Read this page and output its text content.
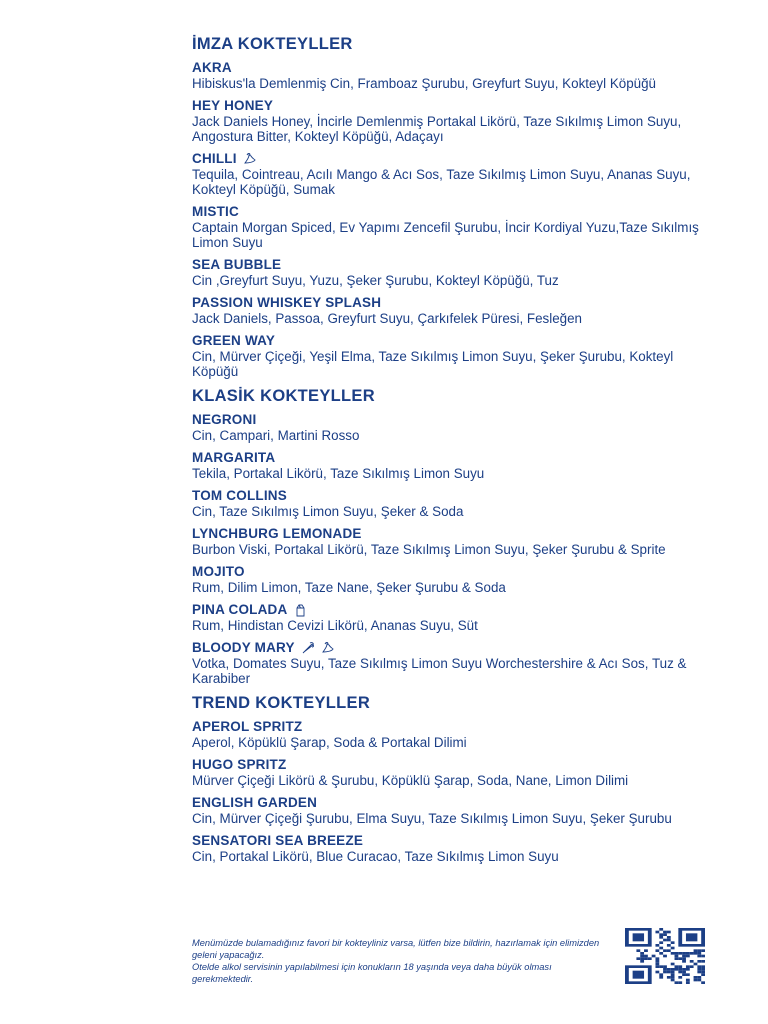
İMZA KOKTEYLLER
AKRA
Hibiskus'la Demlenmiş Cin, Framboaz Şurubu, Greyfurt Suyu, Kokteyl Köpüğü
HEY HONEY
Jack Daniels Honey, İncirle Demlenmiş Portakal Likörü, Taze Sıkılmış Limon Suyu, Angostura Bitter, Kokteyl Köpüğü, Adaçayı
CHILLI
Tequila, Cointreau, Acılı Mango & Acı Sos, Taze Sıkılmış Limon Suyu, Ananas Suyu, Kokteyl Köpüğü, Sumak
MISTIC
Captain Morgan Spiced, Ev Yapımı Zencefil Şurubu, İncir Kordiyal Yuzu,Taze Sıkılmış Limon Suyu
SEA BUBBLE
Cin ,Greyfurt Suyu, Yuzu, Şeker Şurubu, Kokteyl Köpüğü, Tuz
PASSION WHISKEY SPLASH
Jack Daniels, Passoa, Greyfurt Suyu, Çarkıfelek Püresi, Fesleğen
GREEN WAY
Cin, Mürver Çiçeği, Yeşil Elma, Taze Sıkılmış Limon Suyu, Şeker Şurubu, Kokteyl Köpüğü
KLASİK KOKTEYLLER
NEGRONI
Cin, Campari, Martini Rosso
MARGARITA
Tekila, Portakal Likörü, Taze Sıkılmış Limon Suyu
TOM COLLINS
Cin, Taze Sıkılmış Limon Suyu, Şeker & Soda
LYNCHBURG LEMONADE
Burbon Viski, Portakal Likörü, Taze Sıkılmış Limon Suyu, Şeker Şurubu & Sprite
MOJITO
Rum, Dilim Limon, Taze Nane, Şeker Şurubu & Soda
PINA COLADA
Rum, Hindistan Cevizi Likörü, Ananas Suyu, Süt
BLOODY MARY
Votka, Domates Suyu, Taze Sıkılmış Limon Suyu Worchestershire & Acı Sos, Tuz & Karabiber
TREND KOKTEYLLER
APEROL SPRITZ
Aperol, Köpüklü Şarap, Soda & Portakal Dilimi
HUGO SPRITZ
Mürver Çiçeği Likörü & Şurubu, Köpüklü Şarap, Soda, Nane, Limon Dilimi
ENGLISH GARDEN
Cin, Mürver Çiçeği Şurubu, Elma Suyu, Taze Sıkılmış Limon Suyu, Şeker Şurubu
SENSATORI SEA BREEZE
Cin, Portakal Likörü, Blue Curacao, Taze Sıkılmış Limon Suyu
Menümüzde bulamadığınız favori bir kokteyliniz varsa, lütfen bize bildirin, hazırlamak için elimizden geleni yapacağız.
Otelde alkol servisinin yapılabilmesi için konukların 18 yaşında veya daha büyük olması gerekmektedir.
